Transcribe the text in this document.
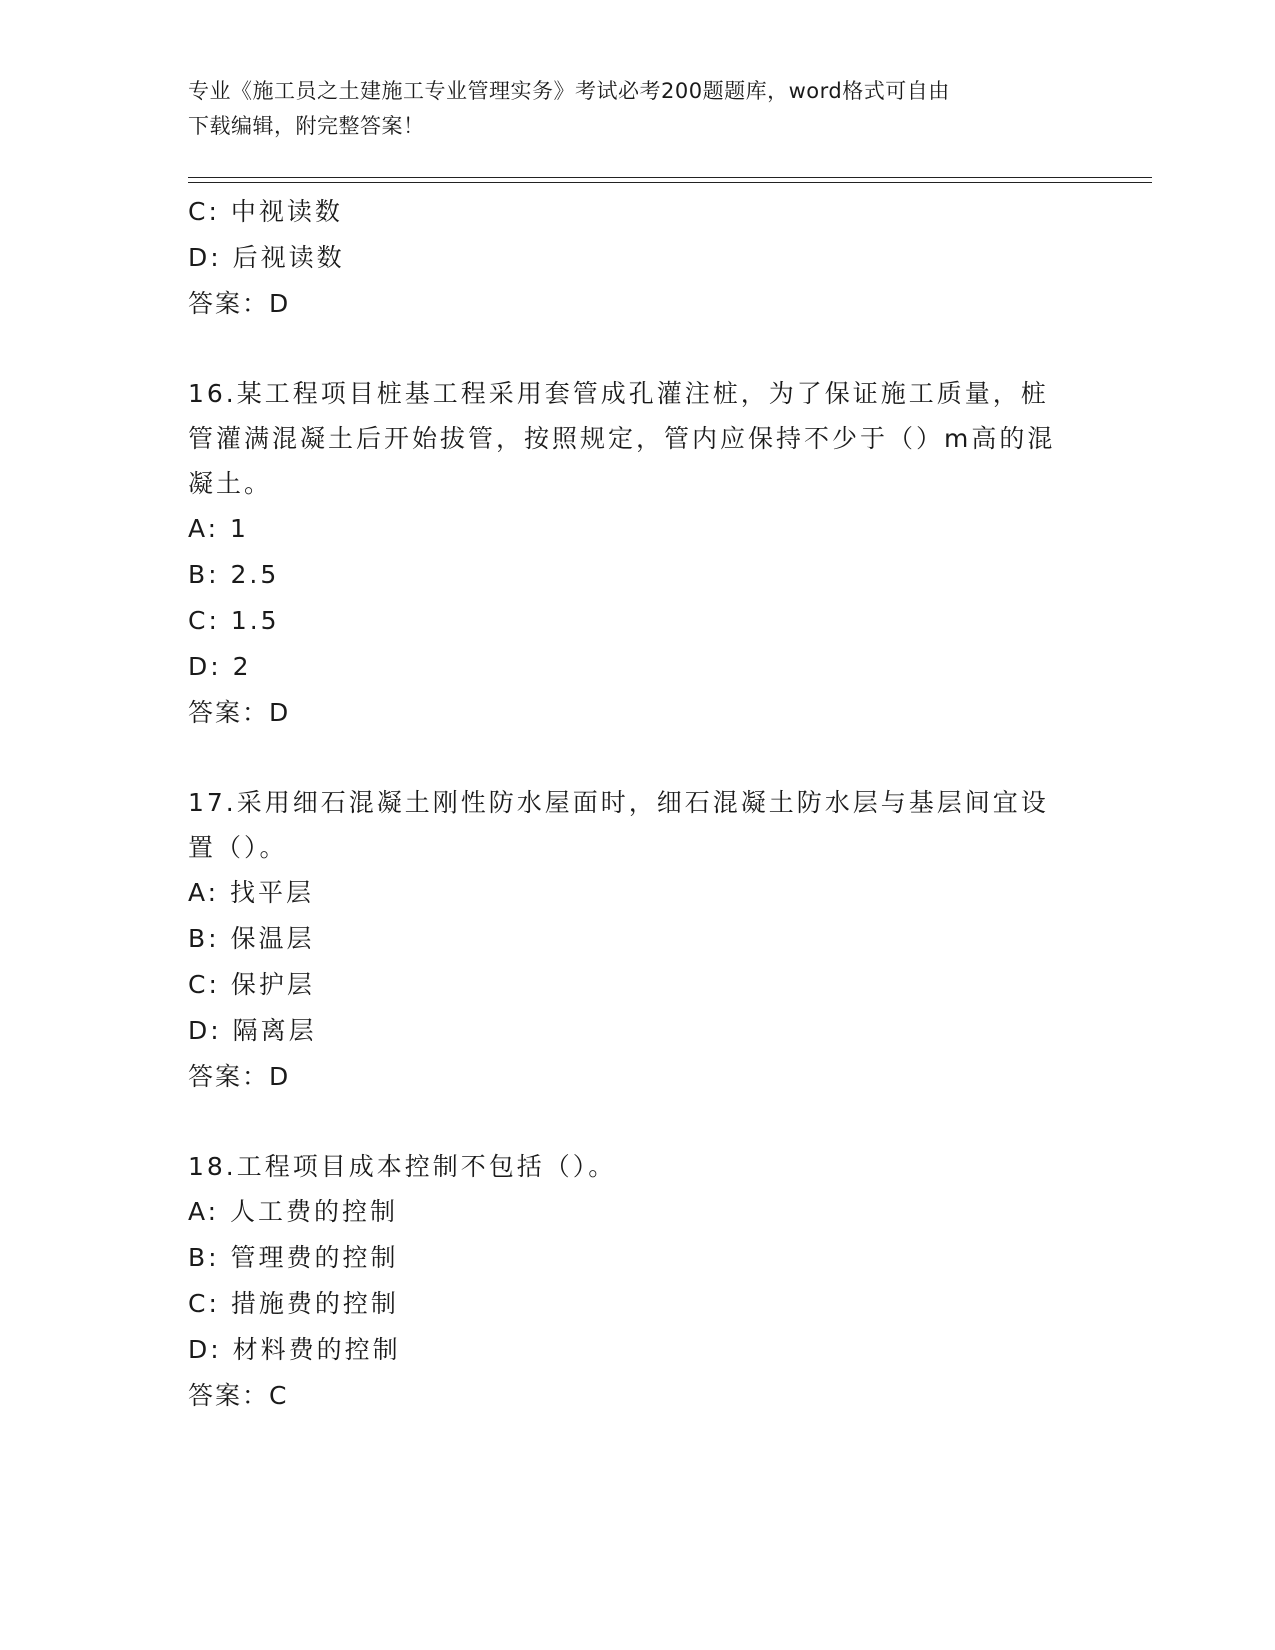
专业《施工员之土建施工专业管理实务》考试必考200题题库，word格式可自由
下载编辑，附完整答案！
C: 中视读数
D: 后视读数
答案：D
16.某工程项目桩基工程采用套管成孔灌注桩，为了保证施工质量，桩
管灌满混凝土后开始拔管，按照规定，管内应保持不少于（）m高的混
凝土。
A: 1
B: 2.5
C: 1.5
D: 2
答案：D
17.采用细石混凝土刚性防水屋面时，细石混凝土防水层与基层间宜设
置（）。
A: 找平层
B: 保温层
C: 保护层
D: 隔离层
答案：D
18.工程项目成本控制不包括（）。
A: 人工费的控制
B: 管理费的控制
C: 措施费的控制
D: 材料费的控制
答案：C
